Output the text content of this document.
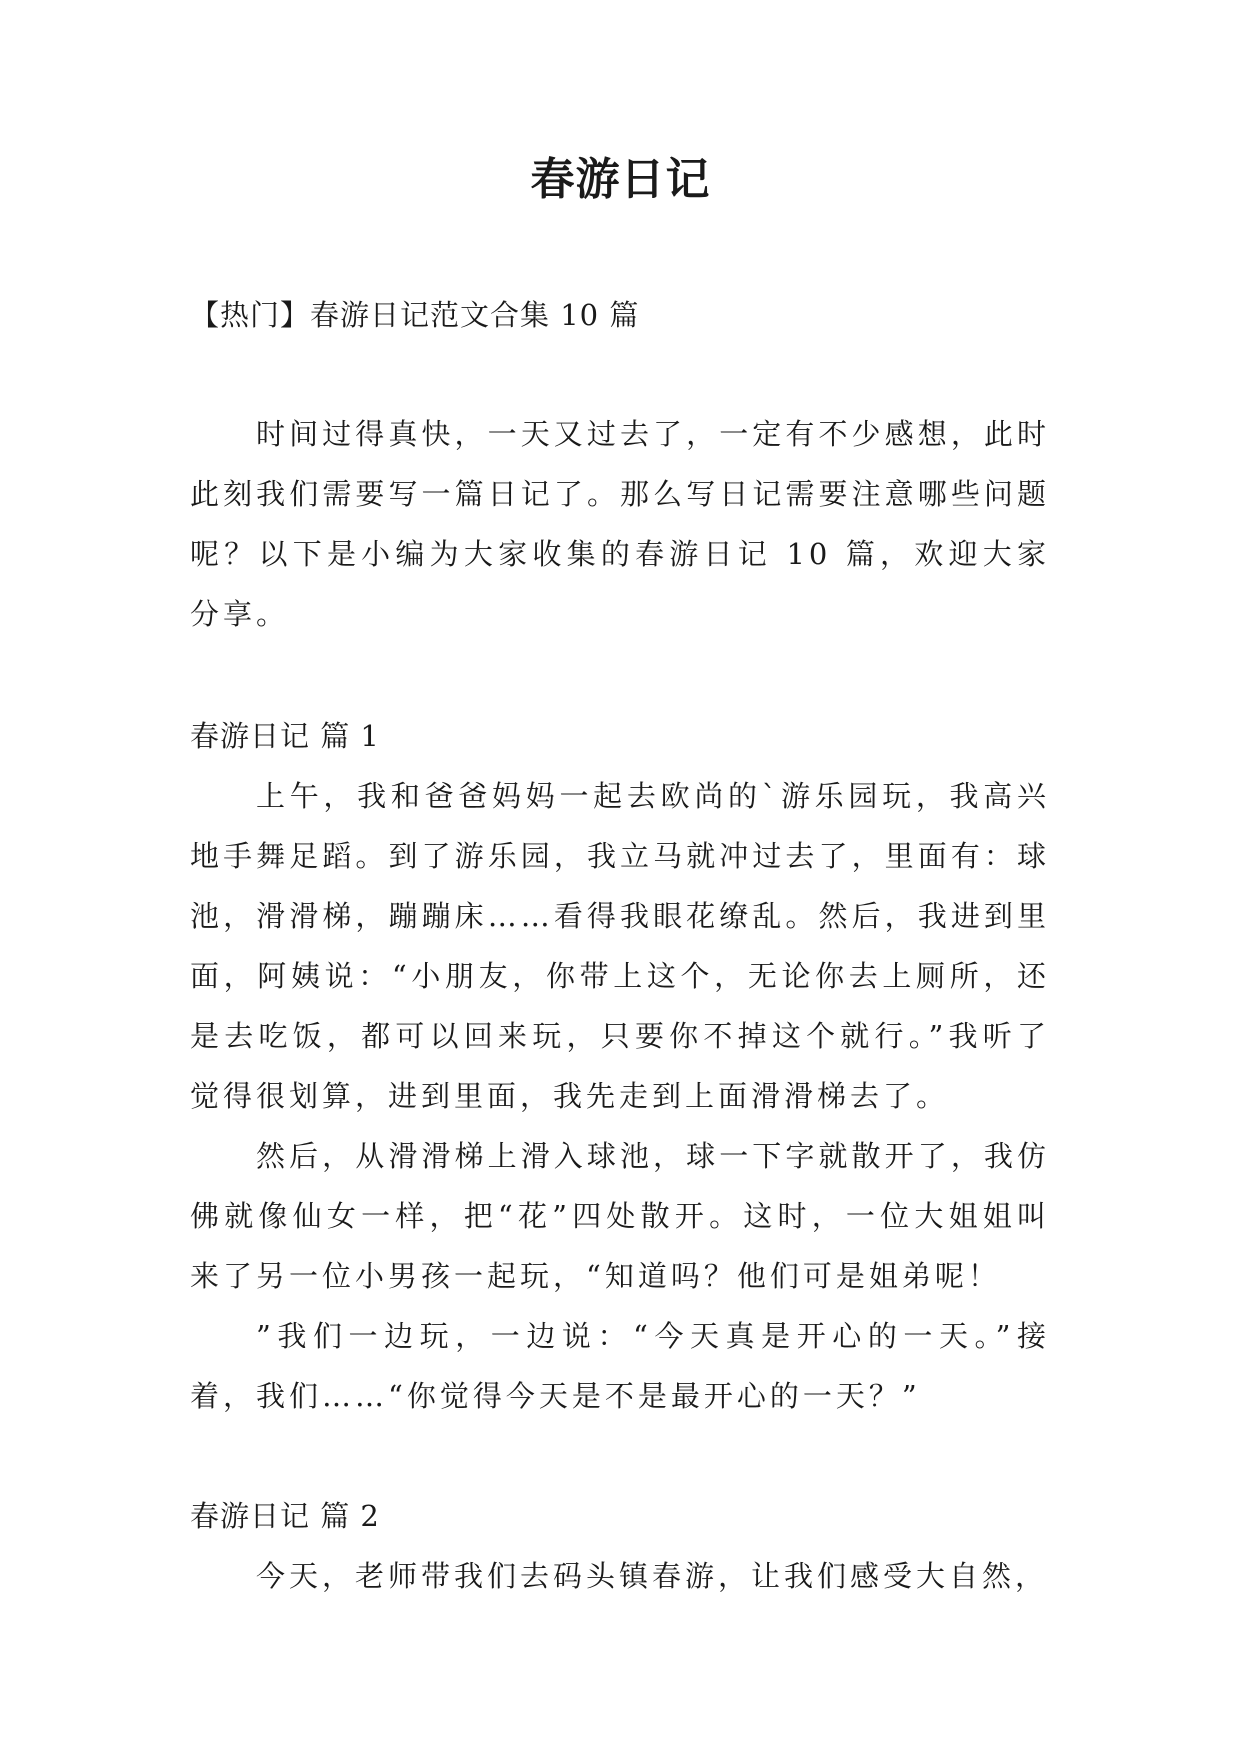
春游日记

【热门】春游日记范文合集 10 篇

时间过得真快，一天又过去了，一定有不少感想，此时此刻我们需要写一篇日记了。那么写日记需要注意哪些问题呢？以下是小编为大家收集的春游日记 10 篇，欢迎大家分享。

春游日记 篇 1

上午，我和爸爸妈妈一起去欧尚的`游乐园玩，我高兴地手舞足蹈。到了游乐园，我立马就冲过去了，里面有：球池，滑滑梯，蹦蹦床……看得我眼花缭乱。然后，我进到里面，阿姨说：“小朋友，你带上这个，无论你去上厕所，还是去吃饭，都可以回来玩，只要你不掉这个就行。”我听了觉得很划算，进到里面，我先走到上面滑滑梯去了。

然后，从滑滑梯上滑入球池，球一下字就散开了，我仿佛就像仙女一样，把“花”四处散开。这时，一位大姐姐叫来了另一位小男孩一起玩，“知道吗？他们可是姐弟呢！

”我们一边玩，一边说：“今天真是开心的一天。”接着，我们……“你觉得今天是不是最开心的一天？”

春游日记 篇 2

今天，老师带我们去码头镇春游，让我们感受大自然，
